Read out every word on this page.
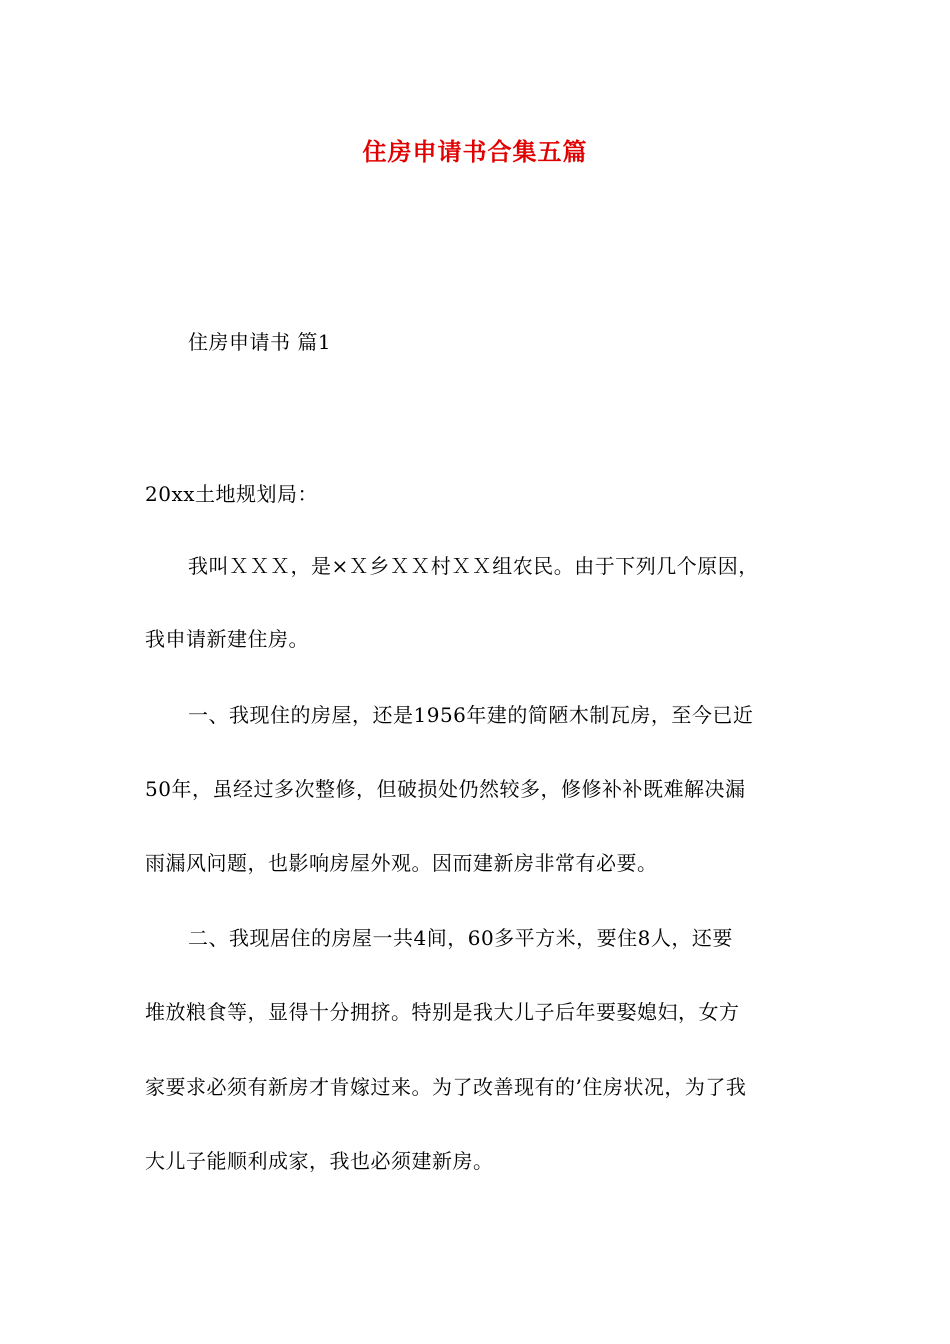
住房申请书合集五篇
住房申请书 篇1
20xx土地规划局：
我叫ＸＸＸ，是×Ｘ乡ＸＸ村ＸＸ组农民。由于下列几个原因，
我申请新建住房。
一、我现住的房屋，还是1956年建的简陋木制瓦房，至今已近
50年，虽经过多次整修，但破损处仍然较多，修修补补既难解决漏
雨漏风问题，也影响房屋外观。因而建新房非常有必要。
二、我现居住的房屋一共4间，60多平方米，要住8人，还要
堆放粮食等，显得十分拥挤。特别是我大儿子后年要娶媳妇，女方
家要求必须有新房才肯嫁过来。为了改善现有的’住房状况，为了我
大儿子能顺利成家，我也必须建新房。
